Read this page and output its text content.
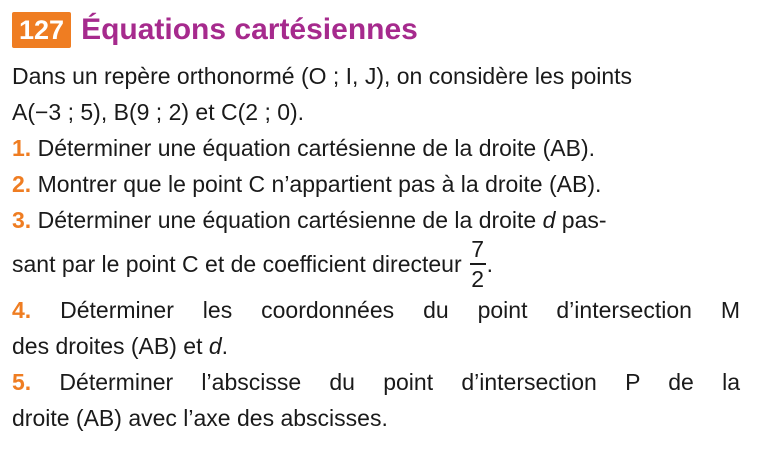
127 Équations cartésiennes
Dans un repère orthonormé (O ; I, J), on considère les points
A(−3 ; 5), B(9 ; 2) et C(2 ; 0).
1. Déterminer une équation cartésienne de la droite (AB).
2. Montrer que le point C n’appartient pas à la droite (AB).
3. Déterminer une équation cartésienne de la droite d pas-
sant par le point C et de coefficient directeur $\frac{7}{2}$ .
4. Déterminer les coordonnées du point d’intersection M
des droites (AB) et d.
5. Déterminer l’abscisse du point d’intersection P de la
droite (AB) avec l’axe des abscisses.
